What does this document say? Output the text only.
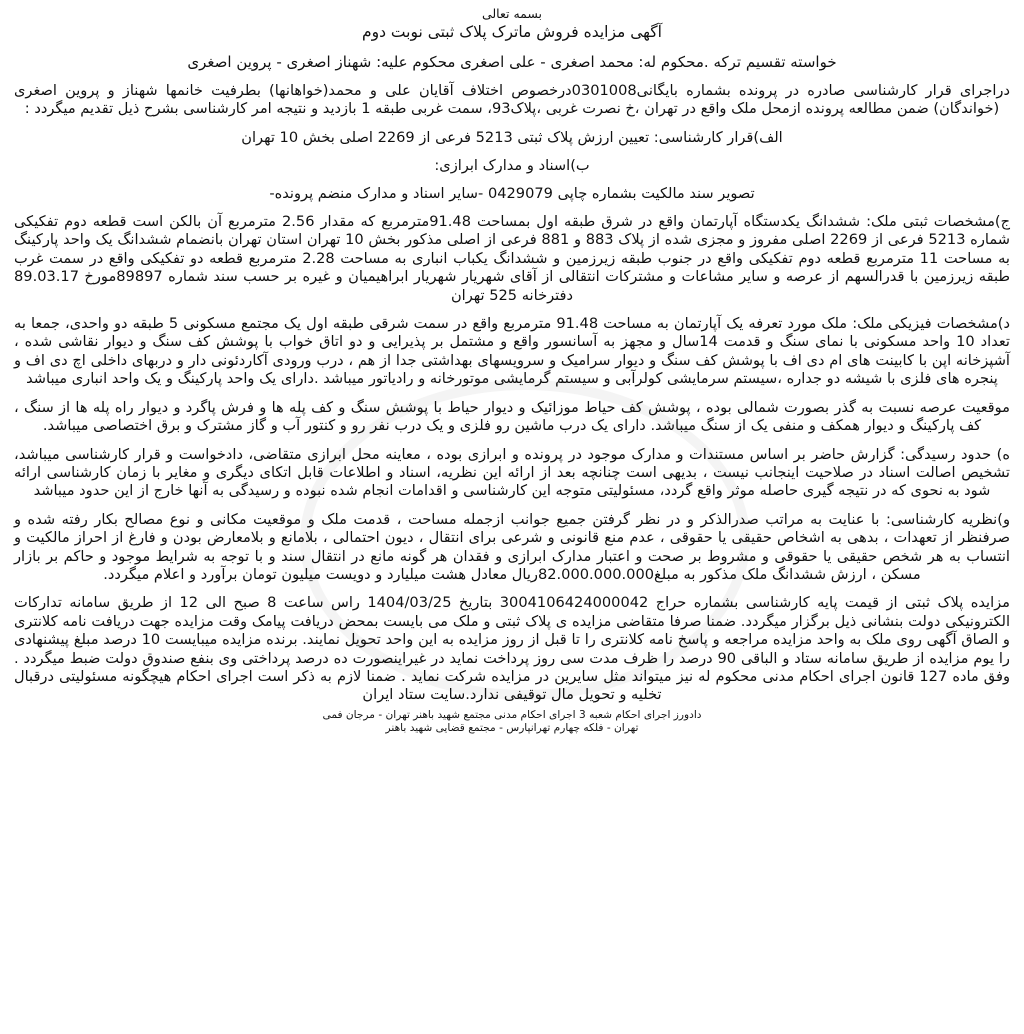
بسمه تعالی

آگهی مزایده فروش ماترک پلاک ثبتی نوبت دوم

خواسته تقسیم ترکه .محکوم له: محمد اصغری - علی اصغری محکوم علیه: شهناز اصغری - پروین اصغری

دراجرای قرار کارشناسی صادره در پرونده بشماره بایگانی0301008درخصوص اختلاف آقایان علی و محمد(خواهانها) بطرفیت خانمها شهناز و پروین اصغری (خواندگان) ضمن مطالعه پرونده ازمحل ملک واقع در تهران ،خ نصرت غربی ،پلاک93، سمت غربی طبقه 1 بازدید و نتیجه امر کارشناسی بشرح ذیل تقدیم میگردد :

الف)قرار کارشناسی: تعیین ارزش پلاک ثبتی 5213 فرعی از 2269 اصلی بخش 10 تهران

ب)اسناد و مدارک ابرازی:

تصویر سند مالکیت بشماره چاپی 0429079 -سایر اسناد و مدارک منضم پرونده-

ج)مشخصات ثبتی ملک: ششدانگ یکدستگاه آپارتمان واقع در شرق طبقه اول بمساحت 91.48مترمربع که مقدار 2.56 مترمربع آن بالکن است قطعه دوم تفکیکی شماره 5213 فرعی از 2269 اصلی مفروز و مجزی شده از پلاک 883 و 881 فرعی از اصلی مذکور بخش 10 تهران استان تهران بانضمام ششدانگ یک واحد پارکینگ به مساحت 11 مترمربع قطعه دوم تفکیکی واقع در جنوب طبقه زیرزمین و ششدانگ یکباب انباری به مساحت 2.28 مترمربع قطعه دو تفکیکی واقع در سمت غرب طبقه زیرزمین با قدرالسهم از عرصه و سایر مشاعات و مشترکات انتقالی از آقای شهریار شهریار ابراهیمیان و غیره بر حسب سند شماره 89897مورخ 89.03.17 دفترخانه 525 تهران

د)مشخصات فیزیکی ملک: ملک مورد تعرفه یک آپارتمان به مساحت 91.48 مترمربع واقع در سمت شرقی طبقه اول یک مجتمع مسکونی 5 طبقه دو واحدی، جمعا به تعداد 10 واحد مسکونی با نمای سنگ و قدمت 14سال و مجهز به آسانسور واقع و مشتمل بر پذیرایی و دو اتاق خواب با پوشش کف سنگ و دیوار نقاشی شده ، آشپزخانه اپن با کابینت های ام دی اف با پوشش کف سنگ و دیوار سرامیک و سرویسهای بهداشتی جدا از هم ، درب ورودی آکاردئونی دار و دربهای داخلی اچ دی اف و پنجره های فلزی با شیشه دو جداره ،سیستم سرمایشی کولرآبی و سیستم گرمایشی موتورخانه و رادیاتور میباشد .دارای یک واحد پارکینگ و یک واحد انباری میباشد

موقعیت عرصه نسبت به گذر بصورت شمالی بوده ، پوشش کف حیاط موزائیک و دیوار حیاط با پوشش سنگ و کف پله ها و فرش پاگرد و دیوار راه پله ها از سنگ ، کف پارکینگ و دیوار همکف و منفی یک از سنگ میباشد. دارای یک درب ماشین رو فلزی و یک درب نفر رو و کنتور آب و گاز مشترک و برق اختصاصی میباشد.

ه) حدود رسیدگی: گزارش حاضر بر اساس مستندات و مدارک موجود در پرونده و ابرازی بوده ، معاینه محل ابرازی متقاضی، دادخواست و قرار کارشناسی میباشد، تشخیص اصالت اسناد در صلاحیت اینجانب نیست ، بدیهی است چنانچه بعد از ارائه این نظریه، اسناد و اطلاعات قابل اتکای دیگری و مغایر با زمان کارشناسی ارائه شود به نحوی که در نتیجه گیری حاصله موثر واقع گردد، مسئولیتی متوجه این کارشناسی و اقدامات انجام شده نبوده و رسیدگی به آنها خارج از این حدود میباشد

و)نظریه کارشناسی: با عنایت به مراتب صدرالذکر و در نظر گرفتن جمیع جوانب ازجمله مساحت ، قدمت ملک و موقعیت مکانی و نوع مصالح بکار رفته شده و صرفنظر از تعهدات ، بدهی به اشخاص حقیقی یا حقوقی ، عدم منع قانونی و شرعی برای انتقال ، دیون احتمالی ، بلامانع و بلامعارض بودن و فارغ از احراز مالکیت و انتساب به هر شخص حقیقی یا حقوقی و مشروط بر صحت و اعتبار مدارک ابرازی و فقدان هر گونه مانع در انتقال سند و با توجه به شرایط موجود و حاکم بر بازار مسکن ، ارزش ششدانگ ملک مذکور به مبلغ82.000.000.000ریال معادل هشت میلیارد و دویست میلیون تومان برآورد و اعلام میگردد.

مزایده پلاک ثبتی از قیمت پایه کارشناسی بشماره حراج 3004106424000042 بتاریخ 1404/03/25 راس ساعت 8 صبح الی 12 از طریق سامانه تدارکات الکترونیکی دولت بنشانی ذیل برگزار میگردد. ضمنا صرفا متقاضی مزایده ی پلاک ثبتی و ملک می بایست بمحض دریافت پیامک وقت مزایده جهت دریافت نامه کلانتری و الصاق آگهی روی ملک به واحد مزایده مراجعه و پاسخ نامه کلانتری را تا قبل از روز مزایده به این واحد تحویل نمایند. برنده مزایده میبایست 10 درصد مبلغ پیشنهادی را یوم مزایده از طریق سامانه ستاد و الباقی 90 درصد را ظرف مدت سی روز پرداخت نماید در غیراینصورت ده درصد پرداختی وی بنفع صندوق دولت ضبط میگردد . وفق ماده 127 قانون اجرای احکام مدنی محکوم له نیز میتواند مثل سایرین در مزایده شرکت نماید . ضمنا لازم به ذکر است اجرای احکام هیچگونه مسئولیتی درقبال تخلیه و تحویل مال توقیفی ندارد.سایت ستاد ایران

دادورز اجرای احکام شعبه 3 اجرای احکام مدنی مجتمع شهید باهنر تهران - مرجان فمی
تهران - فلکه چهارم تهرانپارس - مجتمع قضایی شهید باهنر
